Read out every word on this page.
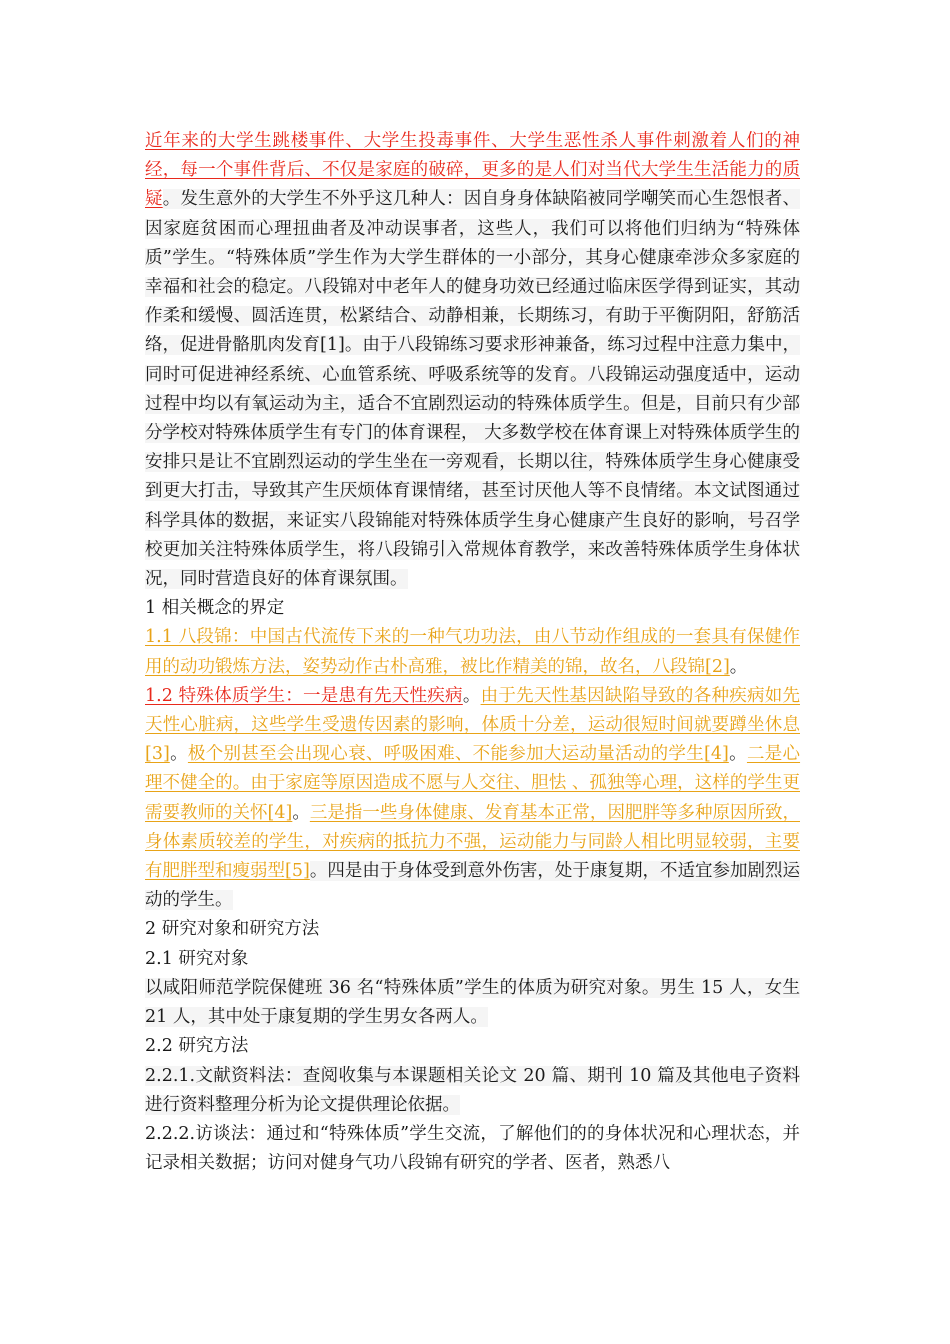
近年来的大学生跳楼事件、大学生投毒事件、大学生恶性杀人事件刺激着人们的神经，每一个事件背后、不仅是家庭的破碎，更多的是人们对当代大学生生活能力的质疑。发生意外的大学生不外乎这几种人：因自身身体缺陷被同学嘲笑而心生怨恨者、因家庭贫困而心理扭曲者及冲动误事者，这些人，我们可以将他们归纳为“特殊体质”学生。“特殊体质”学生作为大学生群体的一小部分，其身心健康牵涉众多家庭的幸福和社会的稳定。八段锦对中老年人的健身功效已经通过临床医学得到证实，其动作柔和缓慢、圆活连贯，松紧结合、动静相兼，长期练习，有助于平衡阴阳，舒筋活络，促进骨骼肌肉发育[1]。由于八段锦练习要求形神兼备，练习过程中注意力集中，同时可促进神经系统、心血管系统、呼吸系统等的发育。八段锦运动强度适中，运动过程中均以有氧运动为主，适合不宜剧烈运动的特殊体质学生。但是，目前只有少部分学校对特殊体质学生有专门的体育课程， 大多数学校在体育课上对特殊体质学生的安排只是让不宜剧烈运动的学生坐在一旁观看，长期以往，特殊体质学生身心健康受到更大打击，导致其产生厌烦体育课情绪，甚至讨厌他人等不良情绪。本文试图通过科学具体的数据，来证实八段锦能对特殊体质学生身心健康产生良好的影响，号召学校更加关注特殊体质学生，将八段锦引入常规体育教学，来改善特殊体质学生身体状况，同时营造良好的体育课氛围。

1 相关概念的界定

1.1 八段锦：中国古代流传下来的一种气功功法，由八节动作组成的一套具有保健作用的动功锻炼方法，姿势动作古朴高雅，被比作精美的锦，故名，八段锦[2]。

1.2 特殊体质学生：一是患有先天性疾病。由于先天性基因缺陷导致的各种疾病如先天性心脏病，这些学生受遗传因素的影响，体质十分差，运动很短时间就要蹲坐休息[3]。极个别甚至会出现心衰、呼吸困难、不能参加大运动量活动的学生[4]。二是心理不健全的。由于家庭等原因造成不愿与人交往、胆怯 、孤独等心理，这样的学生更需要教师的关怀[4]。三是指一些身体健康、发育基本正常，因肥胖等多种原因所致，身体素质较差的学生，对疾病的抵抗力不强，运动能力与同龄人相比明显较弱，主要有肥胖型和瘦弱型[5]。四是由于身体受到意外伤害，处于康复期，不适宜参加剧烈运动的学生。

2 研究对象和研究方法

2.1 研究对象

以咸阳师范学院保健班 36 名“特殊体质”学生的体质为研究对象。男生 15 人，女生 21 人，其中处于康复期的学生男女各两人。

2.2 研究方法

2.2.1.文献资料法：查阅收集与本课题相关论文 20 篇、期刊 10 篇及其他电子资料进行资料整理分析为论文提供理论依据。

2.2.2.访谈法：通过和“特殊体质”学生交流，了解他们的的身体状况和心理状态，并记录相关数据；访问对健身气功八段锦有研究的学者、医者，熟悉八
